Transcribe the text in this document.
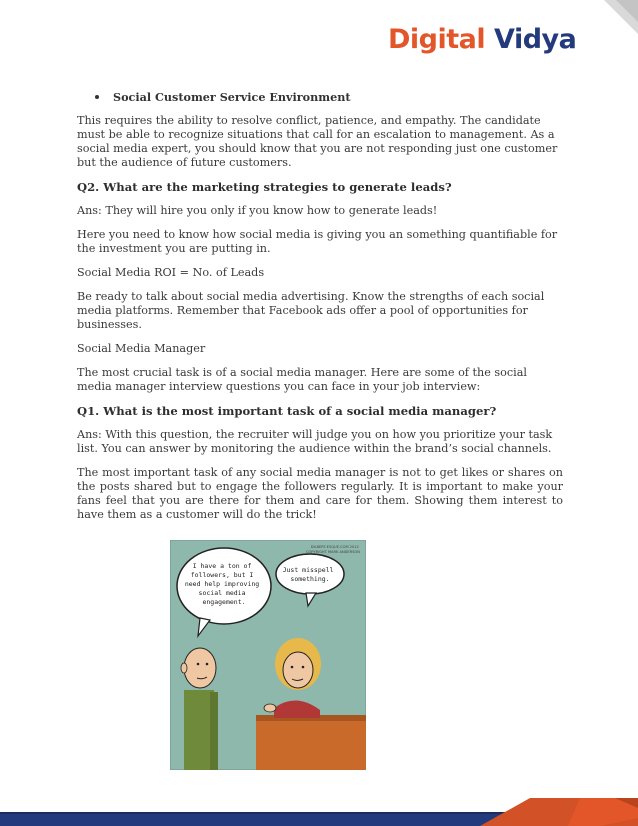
Digital Vidya
Social Customer Service Environment

This requires the ability to resolve conflict, patience, and empathy. The candidate must be able to recognize situations that call for an escalation to management. As a social media expert, you should know that you are not responding just one customer but the audience of future customers.

Q2. What are the marketing strategies to generate leads?

Ans: They will hire you only if you know how to generate leads!

Here you need to know how social media is giving you an something quantifiable for the investment you are putting in.

Social Media ROI = No. of Leads

Be ready to talk about social media advertising. Know the strengths of each social media platforms. Remember that Facebook ads offer a pool of opportunities for businesses.

Social Media Manager

The most crucial task is of a social media manager. Here are some of the social media manager interview questions you can face in your job interview:

Q1. What is the most important task of a social media manager?

Ans: With this question, the recruiter will judge you on how you prioritize your task list. You can answer by monitoring the audience within the brand’s social channels.

The most important task of any social media manager is not to get likes or shares on the posts shared but to engage the followers regularly. It is important to make your fans feel that you are there for them and care for them. Showing them interest to have them as a customer will do the trick!

I have a ton of followers, but I need help improving social media engagement.
Just misspell something.
DILBERT-ESQUE.COM 2012 COPYRIGHT MARK ANDERSON
